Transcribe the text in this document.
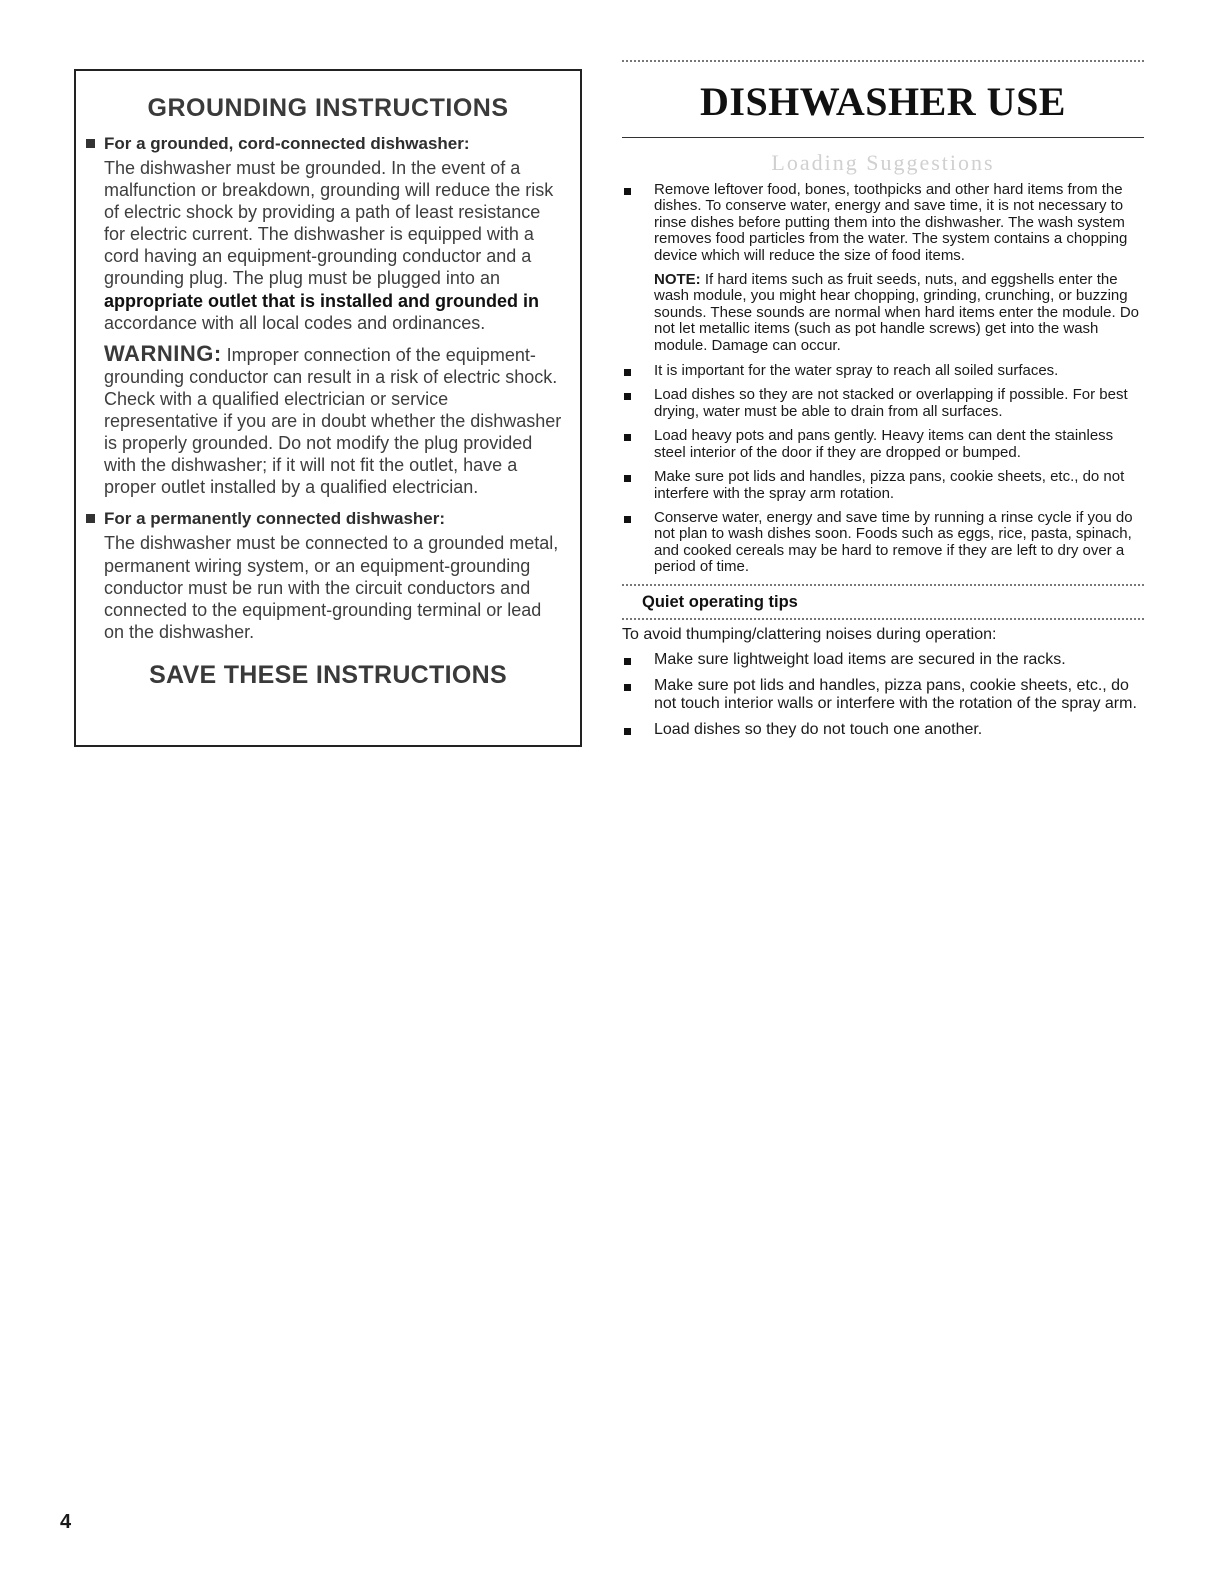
GROUNDING INSTRUCTIONS
For a grounded, cord-connected dishwasher:

The dishwasher must be grounded. In the event of a malfunction or breakdown, grounding will reduce the risk of electric shock by providing a path of least resistance for electric current. The dishwasher is equipped with a cord having an equipment-grounding conductor and a grounding plug. The plug must be plugged into an appropriate outlet that is installed and grounded in accordance with all local codes and ordinances.

WARNING: Improper connection of the equipment-grounding conductor can result in a risk of electric shock. Check with a qualified electrician or service representative if you are in doubt whether the dishwasher is properly grounded. Do not modify the plug provided with the dishwasher; if it will not fit the outlet, have a proper outlet installed by a qualified electrician.

For a permanently connected dishwasher:

The dishwasher must be connected to a grounded metal, permanent wiring system, or an equipment-grounding conductor must be run with the circuit conductors and connected to the equipment-grounding terminal or lead on the dishwasher.

SAVE THESE INSTRUCTIONS
DISHWASHER USE
Loading Suggestions

Remove leftover food, bones, toothpicks and other hard items from the dishes. To conserve water, energy and save time, it is not necessary to rinse dishes before putting them into the dishwasher. The wash system removes food particles from the water. The system contains a chopping device which will reduce the size of food items.

NOTE: If hard items such as fruit seeds, nuts, and eggshells enter the wash module, you might hear chopping, grinding, crunching, or buzzing sounds. These sounds are normal when hard items enter the module. Do not let metallic items (such as pot handle screws) get into the wash module. Damage can occur.

It is important for the water spray to reach all soiled surfaces.

Load dishes so they are not stacked or overlapping if possible. For best drying, water must be able to drain from all surfaces.

Load heavy pots and pans gently. Heavy items can dent the stainless steel interior of the door if they are dropped or bumped.

Make sure pot lids and handles, pizza pans, cookie sheets, etc., do not interfere with the spray arm rotation.

Conserve water, energy and save time by running a rinse cycle if you do not plan to wash dishes soon. Foods such as eggs, rice, pasta, spinach, and cooked cereals may be hard to remove if they are left to dry over a period of time.

Quiet operating tips
To avoid thumping/clattering noises during operation:

Make sure lightweight load items are secured in the racks.

Make sure pot lids and handles, pizza pans, cookie sheets, etc., do not touch interior walls or interfere with the rotation of the spray arm.

Load dishes so they do not touch one another.

4
